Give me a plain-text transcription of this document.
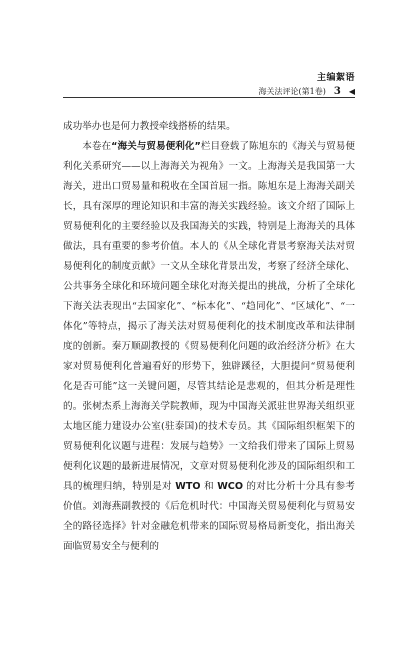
主编絮语
海关法评论(第1卷) 3 ◀

成功举办也是何力教授牵线搭桥的结果。

本卷在“海关与贸易便利化”栏目登载了陈旭东的《海关与贸易便利化关系研究——以上海海关为视角》一文。上海海关是我国第一大海关，进出口贸易量和税收在全国首屈一指。陈旭东是上海海关副关长，具有深厚的理论知识和丰富的海关实践经验。该文介绍了国际上贸易便利化的主要经验以及我国海关的实践，特别是上海海关的具体做法，具有重要的参考价值。本人的《从全球化背景考察海关法对贸易便利化的制度贡献》一文从全球化背景出发，考察了经济全球化、公共事务全球化和环境问题全球化对海关提出的挑战，分析了全球化下海关法表现出“去国家化”、“标本化”、“趋同化”、“区域化”、“一体化”等特点，揭示了海关法对贸易便利化的技术制度改革和法律制度的创新。秦万顺副教授的《贸易便利化问题的政治经济分析》在大家对贸易便利化普遍看好的形势下，独辟蹊径，大胆提问“贸易便利化是否可能”这一关键问题，尽管其结论是悲观的，但其分析是理性的。张树杰系上海海关学院教师，现为中国海关派驻世界海关组织亚太地区能力建设办公室(驻泰国)的技术专员。其《国际组织框架下的贸易便利化议题与进程：发展与趋势》一文给我们带来了国际上贸易便利化议题的最新进展情况，文章对贸易便利化涉及的国际组织和工具的梳理归纳，特别是对 WTO 和 WCO 的对比分析十分具有参考价值。刘海燕副教授的《后危机时代：中国海关贸易便利化与贸易安全的路径选择》针对金融危机带来的国际贸易格局新变化，指出海关面临贸易安全与便利的
